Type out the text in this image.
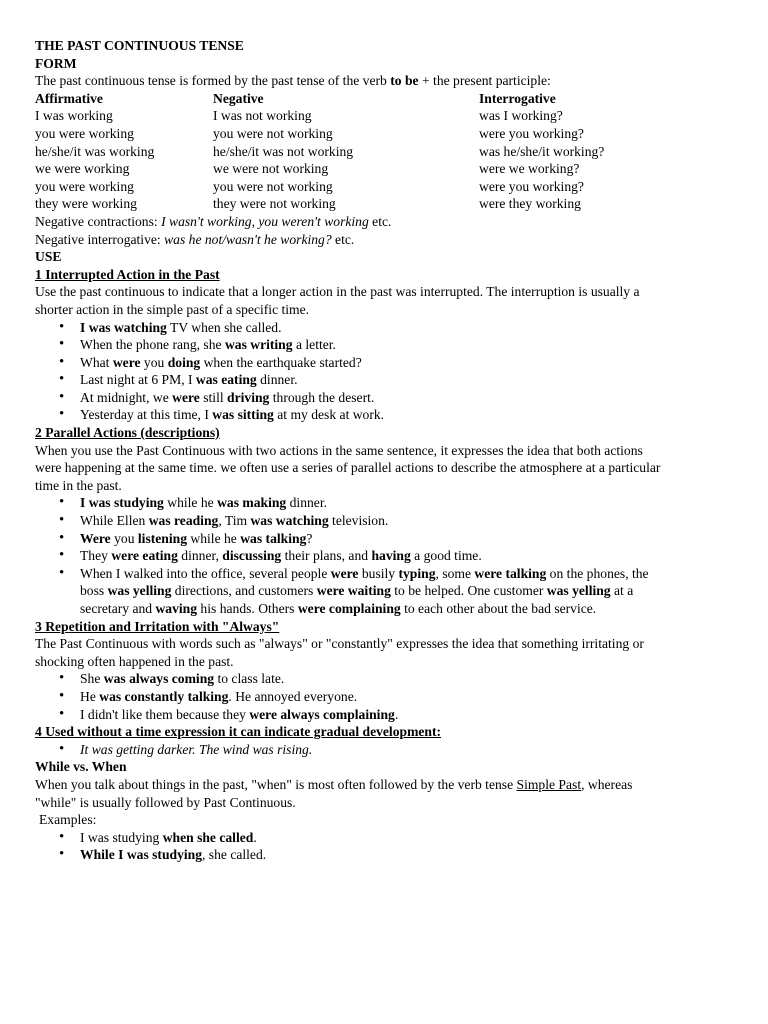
THE PAST CONTINUOUS TENSE
FORM
The past continuous tense is formed by the past tense of the verb to be + the present participle:
Affirmative	Negative	Interrogative
I was working	I was not working	was I working?
you were working	you were not working	were you working?
he/she/it was working	he/she/it was not working	was he/she/it working?
we were working	we were not working	were we working?
you were working	you were not working	were you working?
they were working	they were not working	were they working
Negative contractions: I wasn't working, you weren't working etc.
Negative interrogative: was he not/wasn't he working? etc.
USE
1 Interrupted Action in the Past
Use the past continuous to indicate that a longer action in the past was interrupted. The interruption is usually a
shorter action in the simple past of a specific time.
• I was watching TV when she called.
• When the phone rang, she was writing a letter.
• What were you doing when the earthquake started?
• Last night at 6 PM, I was eating dinner.
• At midnight, we were still driving through the desert.
• Yesterday at this time, I was sitting at my desk at work.
2 Parallel Actions (descriptions)
When you use the Past Continuous with two actions in the same sentence, it expresses the idea that both actions
were happening at the same time. we often use a series of parallel actions to describe the atmosphere at a particular
time in the past.
• I was studying while he was making dinner.
• While Ellen was reading, Tim was watching television.
• Were you listening while he was talking?
• They were eating dinner, discussing their plans, and having a good time.
• When I walked into the office, several people were busily typing, some were talking on the phones, the
boss was yelling directions, and customers were waiting to be helped. One customer was yelling at a
secretary and waving his hands. Others were complaining to each other about the bad service.
3 Repetition and Irritation with "Always"
The Past Continuous with words such as "always" or "constantly" expresses the idea that something irritating or
shocking often happened in the past.
• She was always coming to class late.
• He was constantly talking. He annoyed everyone.
• I didn't like them because they were always complaining.
4 Used without a time expression it can indicate gradual development:
• It was getting darker. The wind was rising.
While vs. When
When you talk about things in the past, "when" is most often followed by the verb tense Simple Past, whereas
"while" is usually followed by Past Continuous.
Examples:
• I was studying when she called.
• While I was studying, she called.
